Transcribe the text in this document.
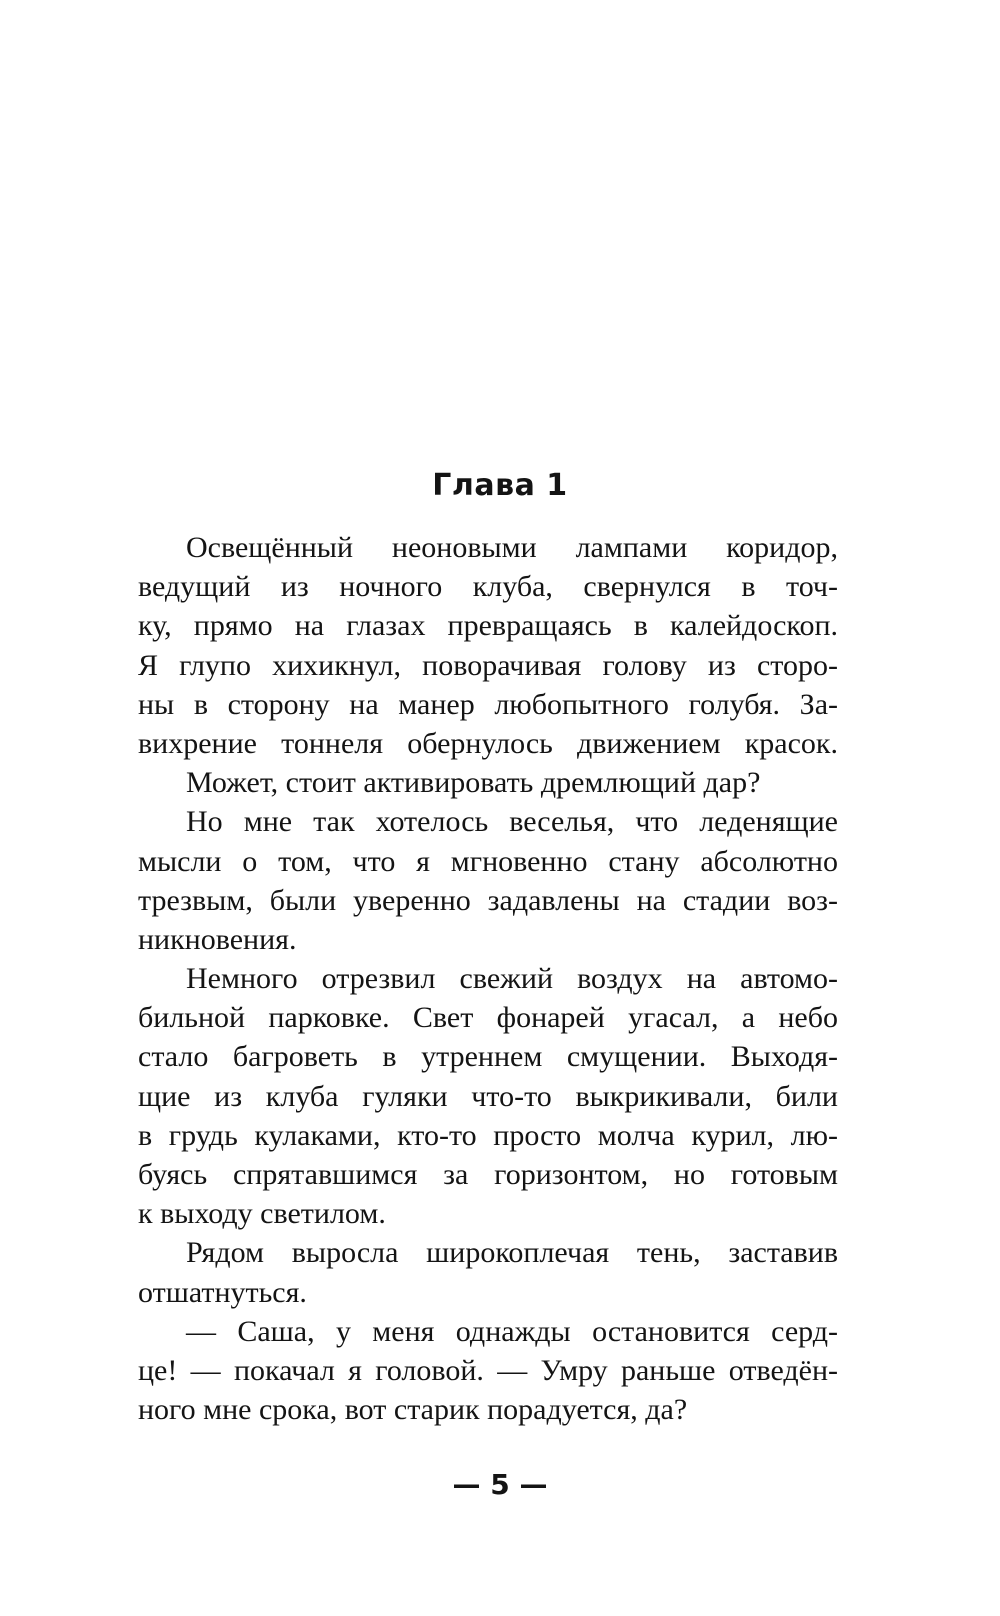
Глава 1
Освещённый неоновыми лампами коридор,
ведущий из ночного клуба, свернулся в точ-
ку, прямо на глазах превращаясь в калейдоскоп.
Я глупо хихикнул, поворачивая голову из сторо-
ны в сторону на манер любопытного голубя. За-
вихрение тоннеля обернулось движением красок.
Может, стоит активировать дремлющий дар?
Но мне так хотелось веселья, что леденящие
мысли о том, что я мгновенно стану абсолютно
трезвым, были уверенно задавлены на стадии воз-
никновения.
Немного отрезвил свежий воздух на автомо-
бильной парковке. Свет фонарей угасал, а небо
стало багроветь в утреннем смущении. Выходя-
щие из клуба гуляки что-то выкрикивали, били
в грудь кулаками, кто-то просто молча курил, лю-
буясь спрятавшимся за горизонтом, но готовым
к выходу светилом.
Рядом выросла широкоплечая тень, заставив
отшатнуться.
— Саша, у меня однажды остановится серд-
це! — покачал я головой. — Умру раньше отведён-
ного мне срока, вот старик порадуется, да?
— 5 —
